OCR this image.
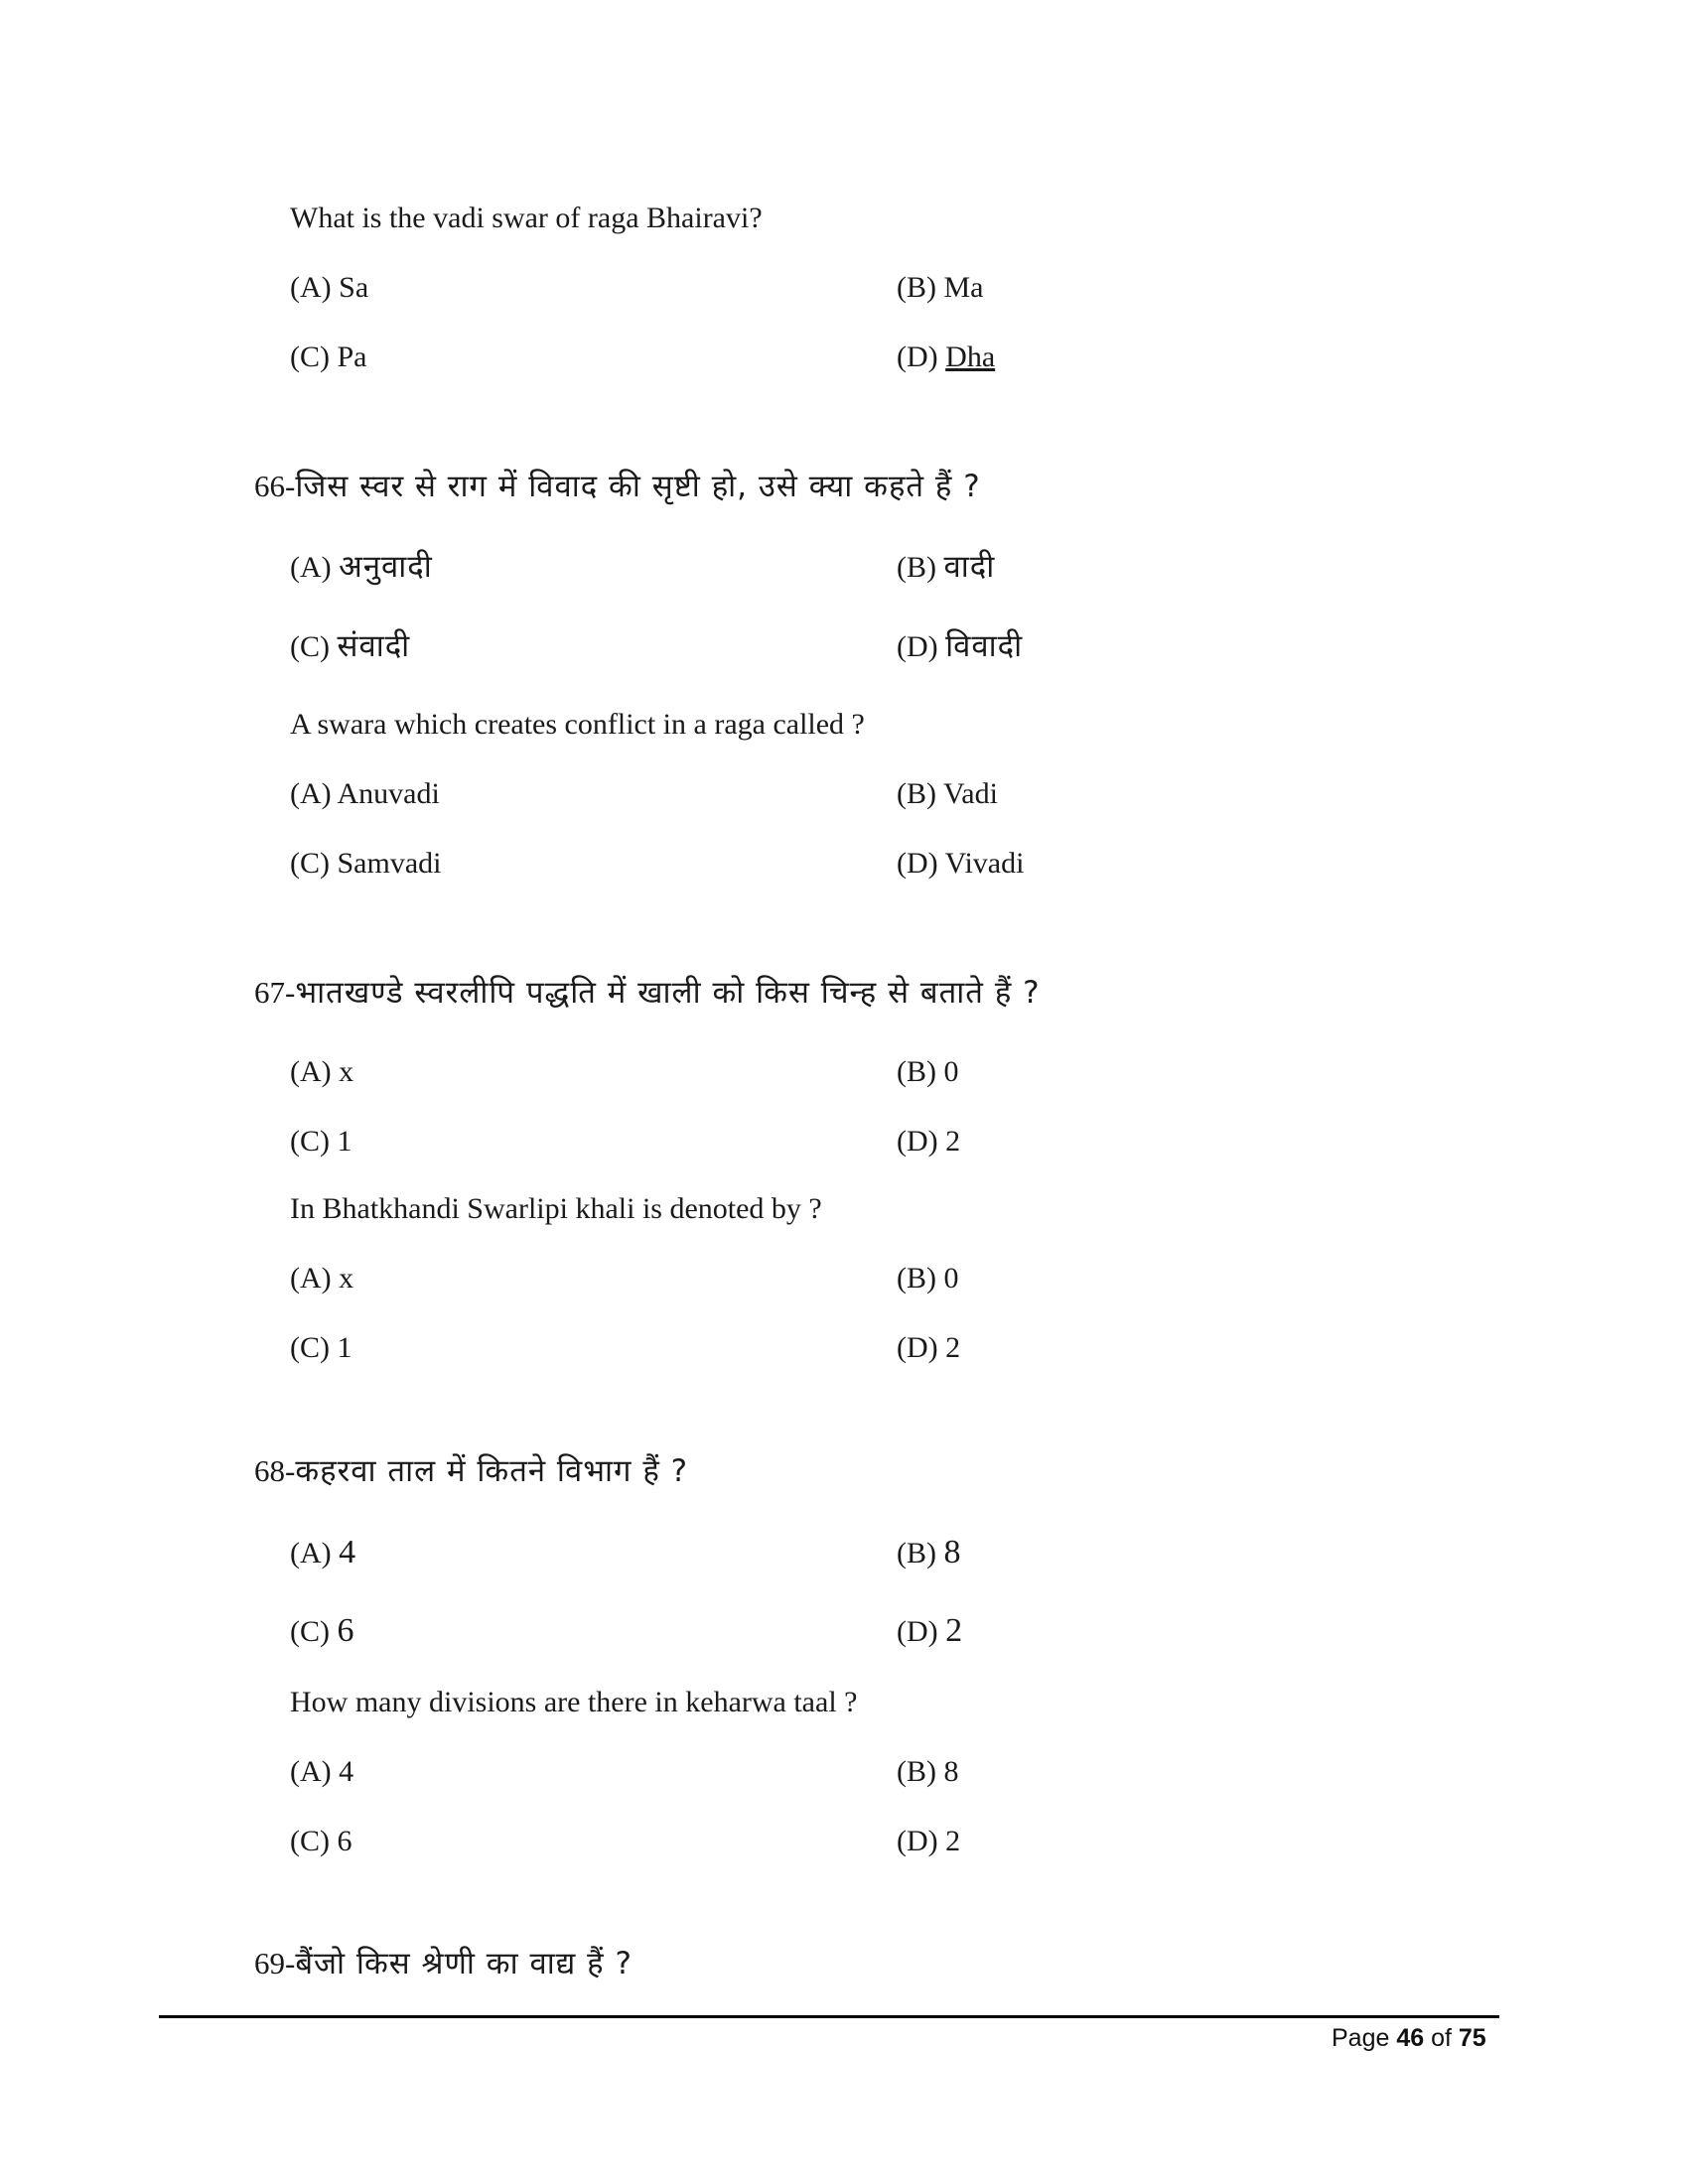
What is the vadi swar of raga Bhairavi?
(A) Sa	(B) Ma
(C) Pa	(D) Dha
66-जिस स्वर से राग में विवाद की सृष्टी हो, उसे क्या कहते हैं ?
(A) अनुवादी	(B) वादी
(C) संवादी	(D) विवादी
A swara which creates conflict in a raga called ?
(A) Anuvadi	(B) Vadi
(C) Samvadi	(D) Vivadi
67-भातखण्डे स्वरलीपि पद्धति में खाली को किस चिन्ह से बताते हैं ?
(A) x	(B) 0
(C) 1	(D) 2
In Bhatkhandi Swarlipi khali is denoted by ?
(A) x	(B) 0
(C) 1	(D) 2
68-कहरवा ताल में कितने विभाग हैं ?
(A) 4	(B) 8
(C) 6	(D) 2
How many divisions are there in keharwa taal ?
(A) 4	(B) 8
(C) 6	(D) 2
69-बैंजो किस श्रेणी का वाद्य हैं ?
Page 46 of 75
